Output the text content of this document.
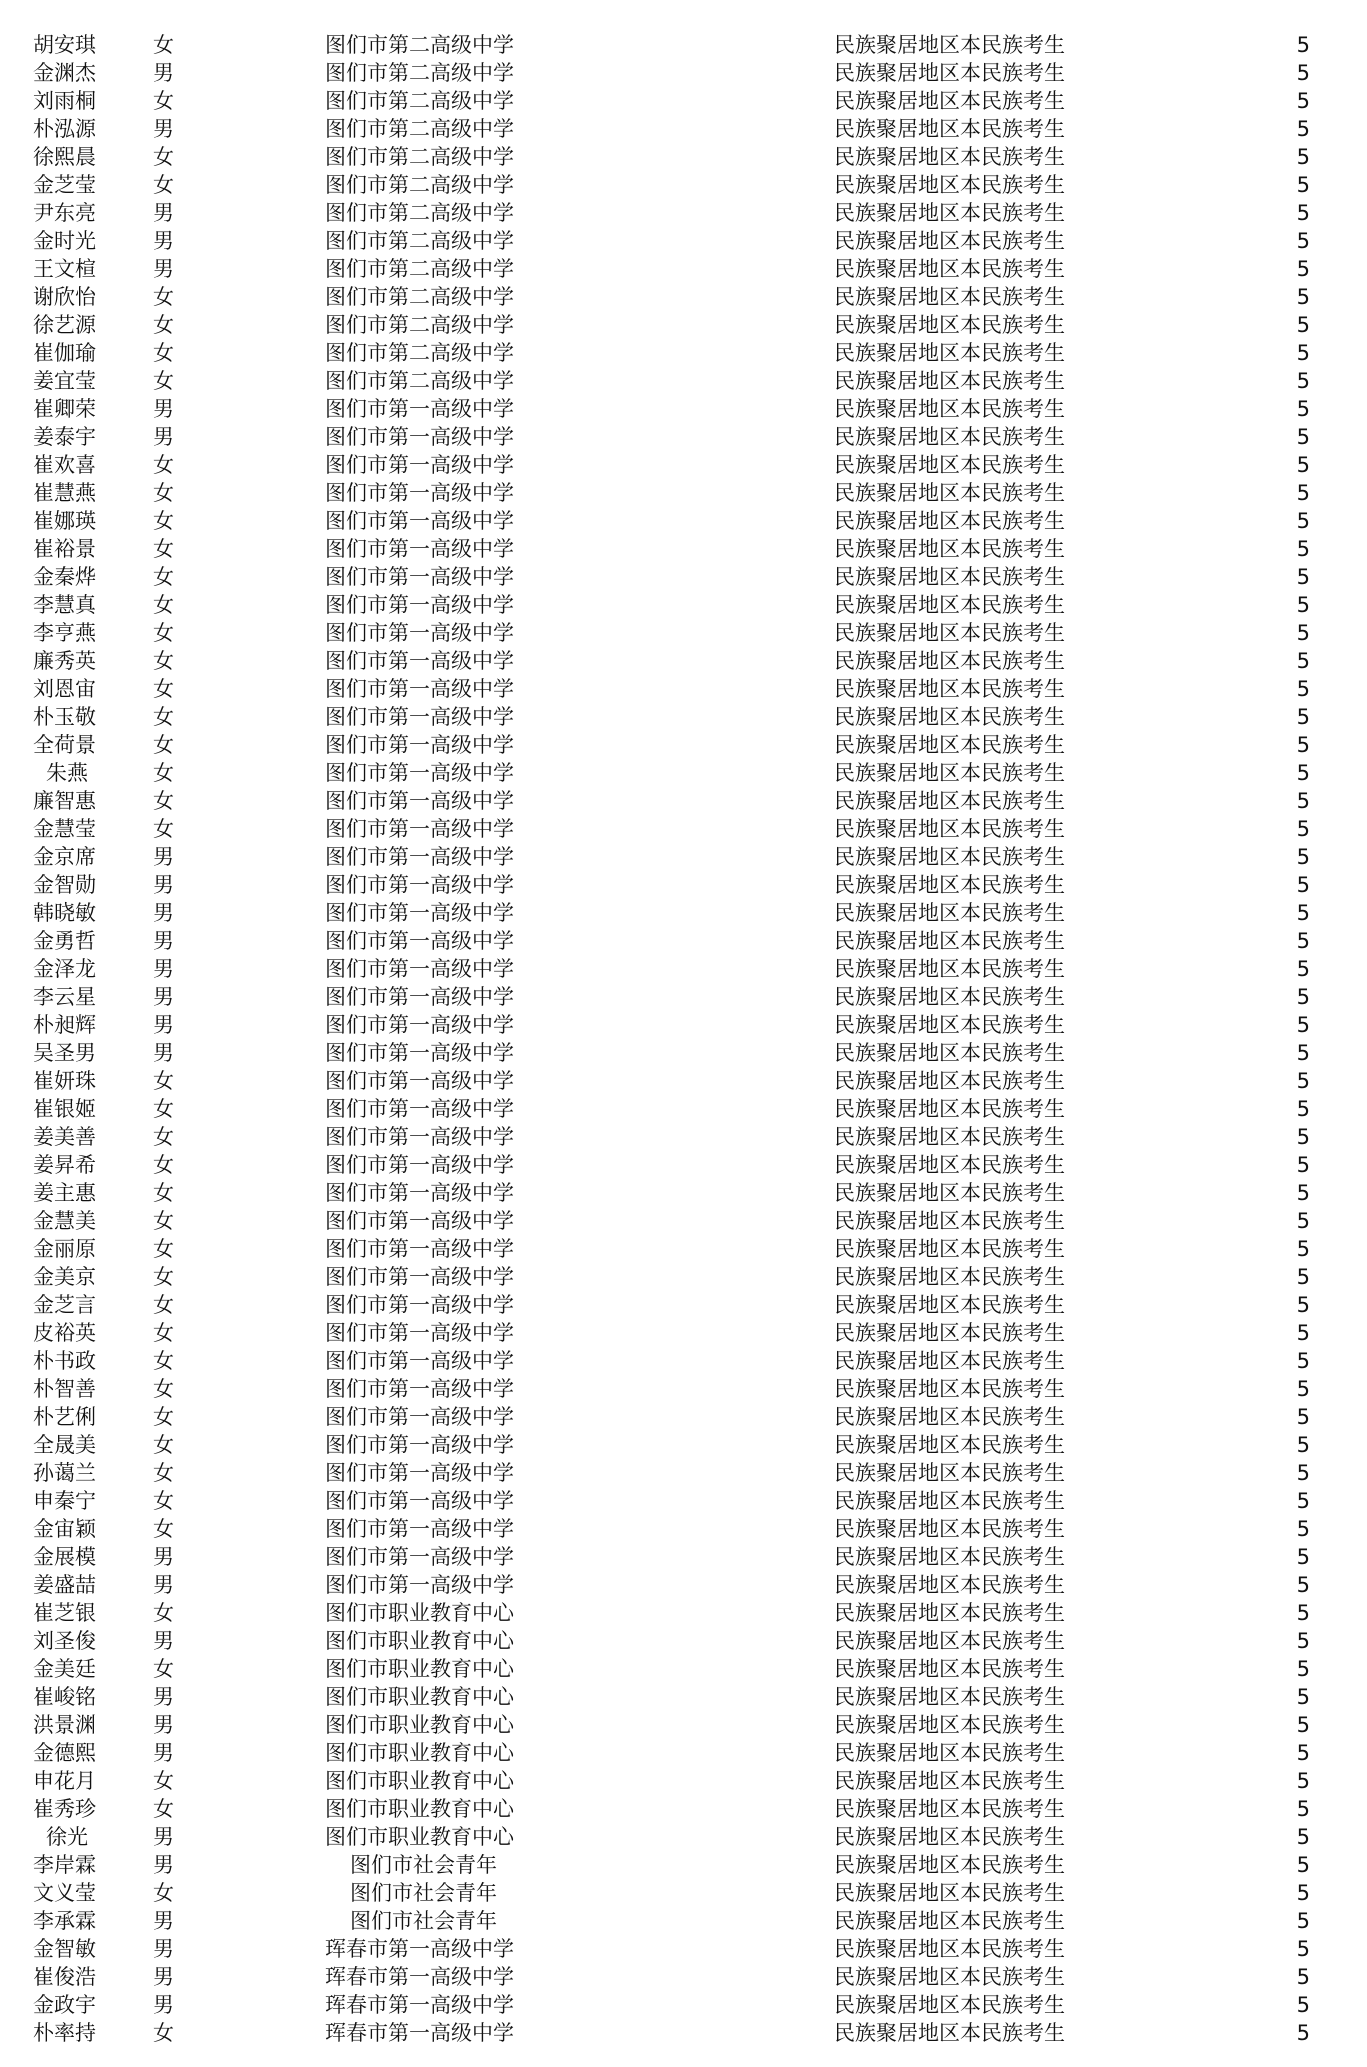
胡安琪	女	图们市第二高级中学	民族聚居地区本民族考生	5
金渊杰	男	图们市第二高级中学	民族聚居地区本民族考生	5
刘雨桐	女	图们市第二高级中学	民族聚居地区本民族考生	5
朴泓源	男	图们市第二高级中学	民族聚居地区本民族考生	5
徐熙晨	女	图们市第二高级中学	民族聚居地区本民族考生	5
金芝莹	女	图们市第二高级中学	民族聚居地区本民族考生	5
尹东亮	男	图们市第二高级中学	民族聚居地区本民族考生	5
金时光	男	图们市第二高级中学	民族聚居地区本民族考生	5
王文楦	男	图们市第二高级中学	民族聚居地区本民族考生	5
谢欣怡	女	图们市第二高级中学	民族聚居地区本民族考生	5
徐艺源	女	图们市第二高级中学	民族聚居地区本民族考生	5
崔伽瑜	女	图们市第二高级中学	民族聚居地区本民族考生	5
姜宜莹	女	图们市第二高级中学	民族聚居地区本民族考生	5
崔卿荣	男	图们市第一高级中学	民族聚居地区本民族考生	5
姜泰宇	男	图们市第一高级中学	民族聚居地区本民族考生	5
崔欢喜	女	图们市第一高级中学	民族聚居地区本民族考生	5
崔慧燕	女	图们市第一高级中学	民族聚居地区本民族考生	5
崔娜瑛	女	图们市第一高级中学	民族聚居地区本民族考生	5
崔裕景	女	图们市第一高级中学	民族聚居地区本民族考生	5
金秦烨	女	图们市第一高级中学	民族聚居地区本民族考生	5
李慧真	女	图们市第一高级中学	民族聚居地区本民族考生	5
李亨燕	女	图们市第一高级中学	民族聚居地区本民族考生	5
廉秀英	女	图们市第一高级中学	民族聚居地区本民族考生	5
刘恩宙	女	图们市第一高级中学	民族聚居地区本民族考生	5
朴玉敬	女	图们市第一高级中学	民族聚居地区本民族考生	5
全荷景	女	图们市第一高级中学	民族聚居地区本民族考生	5
朱燕	女	图们市第一高级中学	民族聚居地区本民族考生	5
廉智惠	女	图们市第一高级中学	民族聚居地区本民族考生	5
金慧莹	女	图们市第一高级中学	民族聚居地区本民族考生	5
金京席	男	图们市第一高级中学	民族聚居地区本民族考生	5
金智勋	男	图们市第一高级中学	民族聚居地区本民族考生	5
韩晓敏	男	图们市第一高级中学	民族聚居地区本民族考生	5
金勇哲	男	图们市第一高级中学	民族聚居地区本民族考生	5
金泽龙	男	图们市第一高级中学	民族聚居地区本民族考生	5
李云星	男	图们市第一高级中学	民族聚居地区本民族考生	5
朴昶辉	男	图们市第一高级中学	民族聚居地区本民族考生	5
吴圣男	男	图们市第一高级中学	民族聚居地区本民族考生	5
崔妍珠	女	图们市第一高级中学	民族聚居地区本民族考生	5
崔银姬	女	图们市第一高级中学	民族聚居地区本民族考生	5
姜美善	女	图们市第一高级中学	民族聚居地区本民族考生	5
姜昇希	女	图们市第一高级中学	民族聚居地区本民族考生	5
姜主惠	女	图们市第一高级中学	民族聚居地区本民族考生	5
金慧美	女	图们市第一高级中学	民族聚居地区本民族考生	5
金丽原	女	图们市第一高级中学	民族聚居地区本民族考生	5
金美京	女	图们市第一高级中学	民族聚居地区本民族考生	5
金芝言	女	图们市第一高级中学	民族聚居地区本民族考生	5
皮裕英	女	图们市第一高级中学	民族聚居地区本民族考生	5
朴书政	女	图们市第一高级中学	民族聚居地区本民族考生	5
朴智善	女	图们市第一高级中学	民族聚居地区本民族考生	5
朴艺俐	女	图们市第一高级中学	民族聚居地区本民族考生	5
全晟美	女	图们市第一高级中学	民族聚居地区本民族考生	5
孙蔼兰	女	图们市第一高级中学	民族聚居地区本民族考生	5
申秦宁	女	图们市第一高级中学	民族聚居地区本民族考生	5
金宙颖	女	图们市第一高级中学	民族聚居地区本民族考生	5
金展模	男	图们市第一高级中学	民族聚居地区本民族考生	5
姜盛喆	男	图们市第一高级中学	民族聚居地区本民族考生	5
崔芝银	女	图们市职业教育中心	民族聚居地区本民族考生	5
刘圣俊	男	图们市职业教育中心	民族聚居地区本民族考生	5
金美廷	女	图们市职业教育中心	民族聚居地区本民族考生	5
崔峻铭	男	图们市职业教育中心	民族聚居地区本民族考生	5
洪景渊	男	图们市职业教育中心	民族聚居地区本民族考生	5
金德熙	男	图们市职业教育中心	民族聚居地区本民族考生	5
申花月	女	图们市职业教育中心	民族聚居地区本民族考生	5
崔秀珍	女	图们市职业教育中心	民族聚居地区本民族考生	5
徐光	男	图们市职业教育中心	民族聚居地区本民族考生	5
李岸霖	男	图们市社会青年	民族聚居地区本民族考生	5
文义莹	女	图们市社会青年	民族聚居地区本民族考生	5
李承霖	男	图们市社会青年	民族聚居地区本民族考生	5
金智敏	男	珲春市第一高级中学	民族聚居地区本民族考生	5
崔俊浩	男	珲春市第一高级中学	民族聚居地区本民族考生	5
金政宇	男	珲春市第一高级中学	民族聚居地区本民族考生	5
朴率持	女	珲春市第一高级中学	民族聚居地区本民族考生	5
